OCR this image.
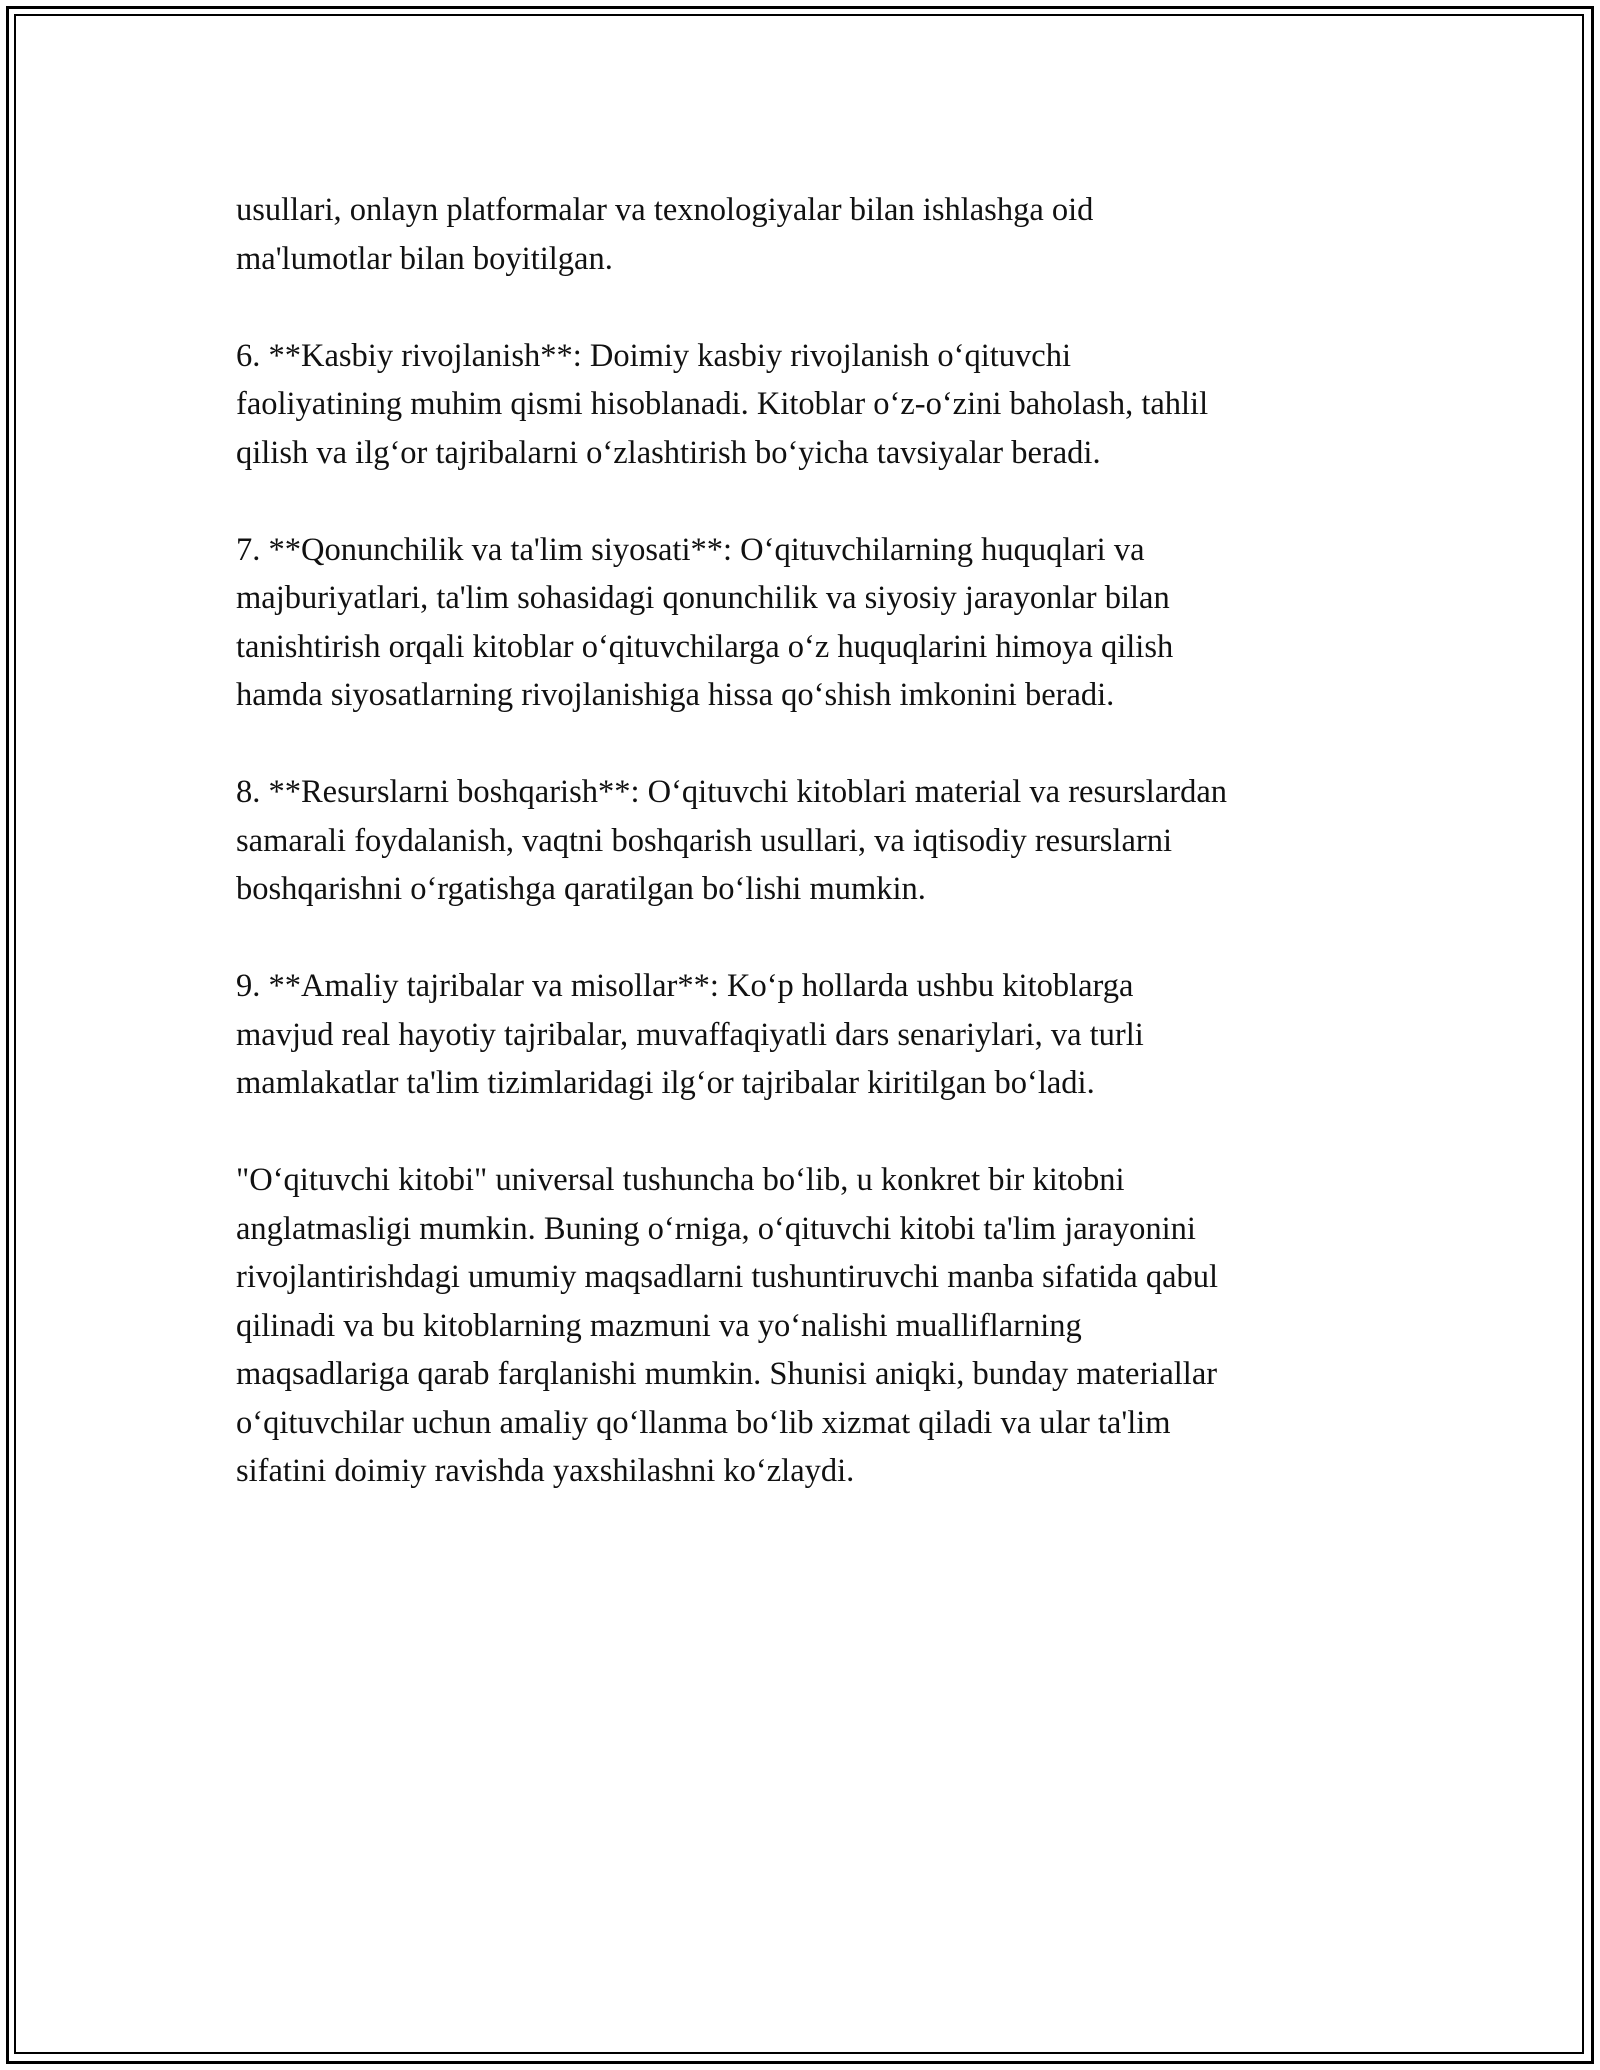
usullari, onlayn platformalar va texnologiyalar bilan ishlashga oid
ma'lumotlar bilan boyitilgan.

6. **Kasbiy rivojlanish**: Doimiy kasbiy rivojlanish o‘qituvchi
faoliyatining muhim qismi hisoblanadi. Kitoblar o‘z-o‘zini baholash, tahlil
qilish va ilg‘or tajribalarni o‘zlashtirish bo‘yicha tavsiyalar beradi.

7. **Qonunchilik va ta'lim siyosati**: O‘qituvchilarning huquqlari va
majburiyatlari, ta'lim sohasidagi qonunchilik va siyosiy jarayonlar bilan
tanishtirish orqali kitoblar o‘qituvchilarga o‘z huquqlarini himoya qilish
hamda siyosatlarning rivojlanishiga hissa qo‘shish imkonini beradi.

8. **Resurslarni boshqarish**: O‘qituvchi kitoblari material va resurslardan
samarali foydalanish, vaqtni boshqarish usullari, va iqtisodiy resurslarni
boshqarishni o‘rgatishga qaratilgan bo‘lishi mumkin.

9. **Amaliy tajribalar va misollar**: Ko‘p hollarda ushbu kitoblarga
mavjud real hayotiy tajribalar, muvaffaqiyatli dars senariylari, va turli
mamlakatlar ta'lim tizimlaridagi ilg‘or tajribalar kiritilgan bo‘ladi.

"O‘qituvchi kitobi" universal tushuncha bo‘lib, u konkret bir kitobni
anglatmasligi mumkin. Buning o‘rniga, o‘qituvchi kitobi ta'lim jarayonini
rivojlantirishdagi umumiy maqsadlarni tushuntiruvchi manba sifatida qabul
qilinadi va bu kitoblarning mazmuni va yo‘nalishi mualliflarning
maqsadlariga qarab farqlanishi mumkin. Shunisi aniqki, bunday materiallar
o‘qituvchilar uchun amaliy qo‘llanma bo‘lib xizmat qiladi va ular ta'lim
sifatini doimiy ravishda yaxshilashni ko‘zlaydi.
